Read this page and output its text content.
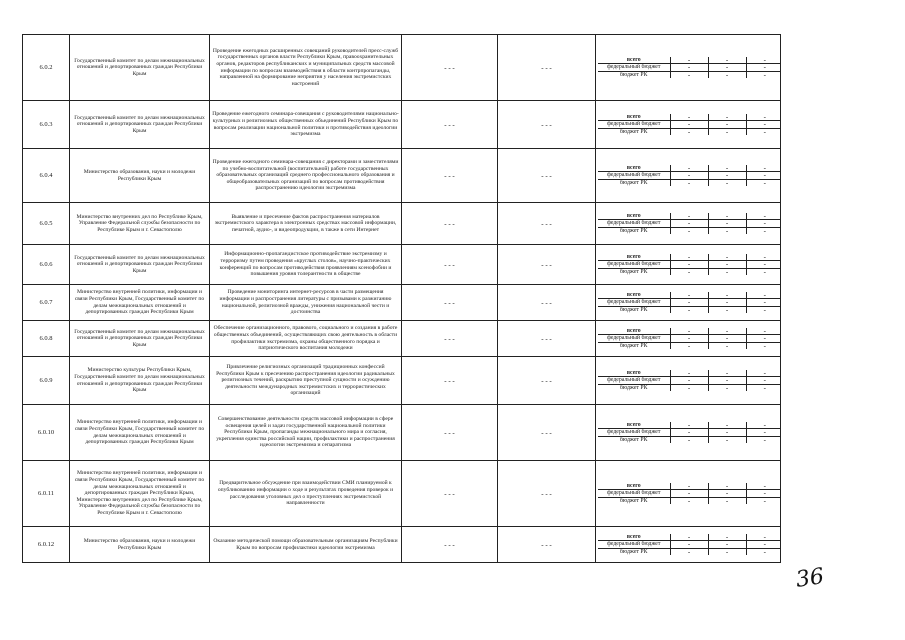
6.0.2	Государственный комитет по делам межнациональных отношений и депортированных граждан Республики Крым	Проведение ежегодных расширенных совещаний руководителей пресс-служб государственных органов власти Республики Крым, правоохранительных органов, редакторов республиканских и муниципальных средств массовой информации по вопросам взаимодействия в области контрпропаганды, направленной на формирование неприятия у населения экстремистских настроений	- - -	- - -	
всего	-	-	-
федеральный бюджет	-	-	-
бюджет РК	-	-	-

6.0.3	Государственный комитет по делам межнациональных отношений и депортированных граждан Республики Крым	Проведение ежегодного семинара-совещания с руководителями национально-культурных и религиозных общественных объединений Республики Крым по вопросам реализации национальной политики и противодействия идеологии экстремизма	- - -	- - -	
всего	-	-	-
федеральный бюджет	-	-	-
бюджет РК	-	-	-

6.0.4	Министерство образования, науки и молодежи Республики Крым	Проведение ежегодного семинара-совещания с директорами и заместителями по учебно-воспитательной (воспитательной) работе государственных образовательных организаций среднего профессионального образования и общеобразовательных организаций по вопросам противодействия распространению идеологии экстремизма	- - -	- - -	
всего	-	-	-
федеральный бюджет	-	-	-
бюджет РК	-	-	-

6.0.5	Министерство внутренних дел по Республике Крым, Управление Федеральной службы безопасности по Республике Крым и г. Севастополю	Выявление и пресечение фактов распространения материалов экстремистского характера в электронных средствах массовой информации, печатной, аудио-, и видеопродукции, в также в сети Интернет	- - -	- - -	
всего	-	-	-
федеральный бюджет	-	-	-
бюджет РК	-	-	-

6.0.6	Государственный комитет по делам межнациональных отношений и депортированных граждан Республики Крым	Информационно-пропагандистское противодействие экстремизму и терроризму путем проведения «круглых столов», научно-практических конференций по вопросам противодействия проявлениям ксенофобии и повышения уровня толерантности в обществе	- - -	- - -	
всего	-	-	-
федеральный бюджет	-	-	-
бюджет РК	-	-	-

6.0.7	Министерство внутренней политики, информации и связи Республики Крым, Государственный комитет по делам межнациональных отношений и депортированных граждан Республики Крым	Проведение мониторинга интернет-ресурсов в части размещения информации и распространения литературы с призывами к разжиганию национальной, религиозной вражды, унижения национальной чести и достоинства	- - -	- - -	
всего	-	-	-
федеральный бюджет	-	-	-
бюджет РК	-	-	-

6.0.8	Государственный комитет по делам межнациональных отношений и депортированных граждан Республики Крым	Обеспечение организационного, правового, социального и создания в работе общественных объединений, осуществляющих свою деятельность в области профилактики экстремизма, охраны общественного порядка и патриотического воспитания молодежи	- - -	- - -	
всего	-	-	-
федеральный бюджет	-	-	-
бюджет РК	-	-	-

6.0.9	Министерство культуры Республики Крым, Государственный комитет по делам межнациональных отношений и депортированных граждан Республики Крым	Привлечение религиозных организаций традиционных конфессий Республики Крым к пресечению распространения идеологии радикальных религиозных течений, раскрытию преступной сущности и осуждению деятельности международных экстремистских и террористических организаций	- - -	- - -	
всего	-	-	-
федеральный бюджет	-	-	-
бюджет РК	-	-	-

6.0.10	Министерство внутренней политики, информации и связи Республики Крым, Государственный комитет по делам межнациональных отношений и депортированных граждан Республики Крым	Совершенствование деятельности средств массовой информации в сфере освещения целей и задач государственной национальной политики Республики Крым, пропаганды межнационального мира и согласия, укрепления единства российской нации, профилактики и распространения идеологии экстремизма и сепаратизма	- - -	- - -	
всего	-	-	-
федеральный бюджет	-	-	-
бюджет РК	-	-	-

6.0.11	Министерство внутренней политики, информации и связи Республики Крым, Государственный комитет по делам межнациональных отношений и депортированных граждан Республики Крым, Министерство внутренних дел по Республике Крым, Управление Федеральной службы безопасности по Республике Крым и г. Севастополю	Предварительное обсуждение при взаимодействии СМИ планируемой к опубликованию информации о ходе и результатах проведения проверок и расследования уголовных дел о преступлениях экстремистской направленности	- - -	- - -	
всего	-	-	-
федеральный бюджет	-	-	-
бюджет РК	-	-	-

6.0.12	Министерство образования, науки и молодежи Республики Крым	Оказание методической помощи образовательным организациям Республики Крым по вопросам профилактики идеологии экстремизма	- - -	- - -	
всего	-	-	-
федеральный бюджет	-	-	-
бюджет РК	-	-	-
36
